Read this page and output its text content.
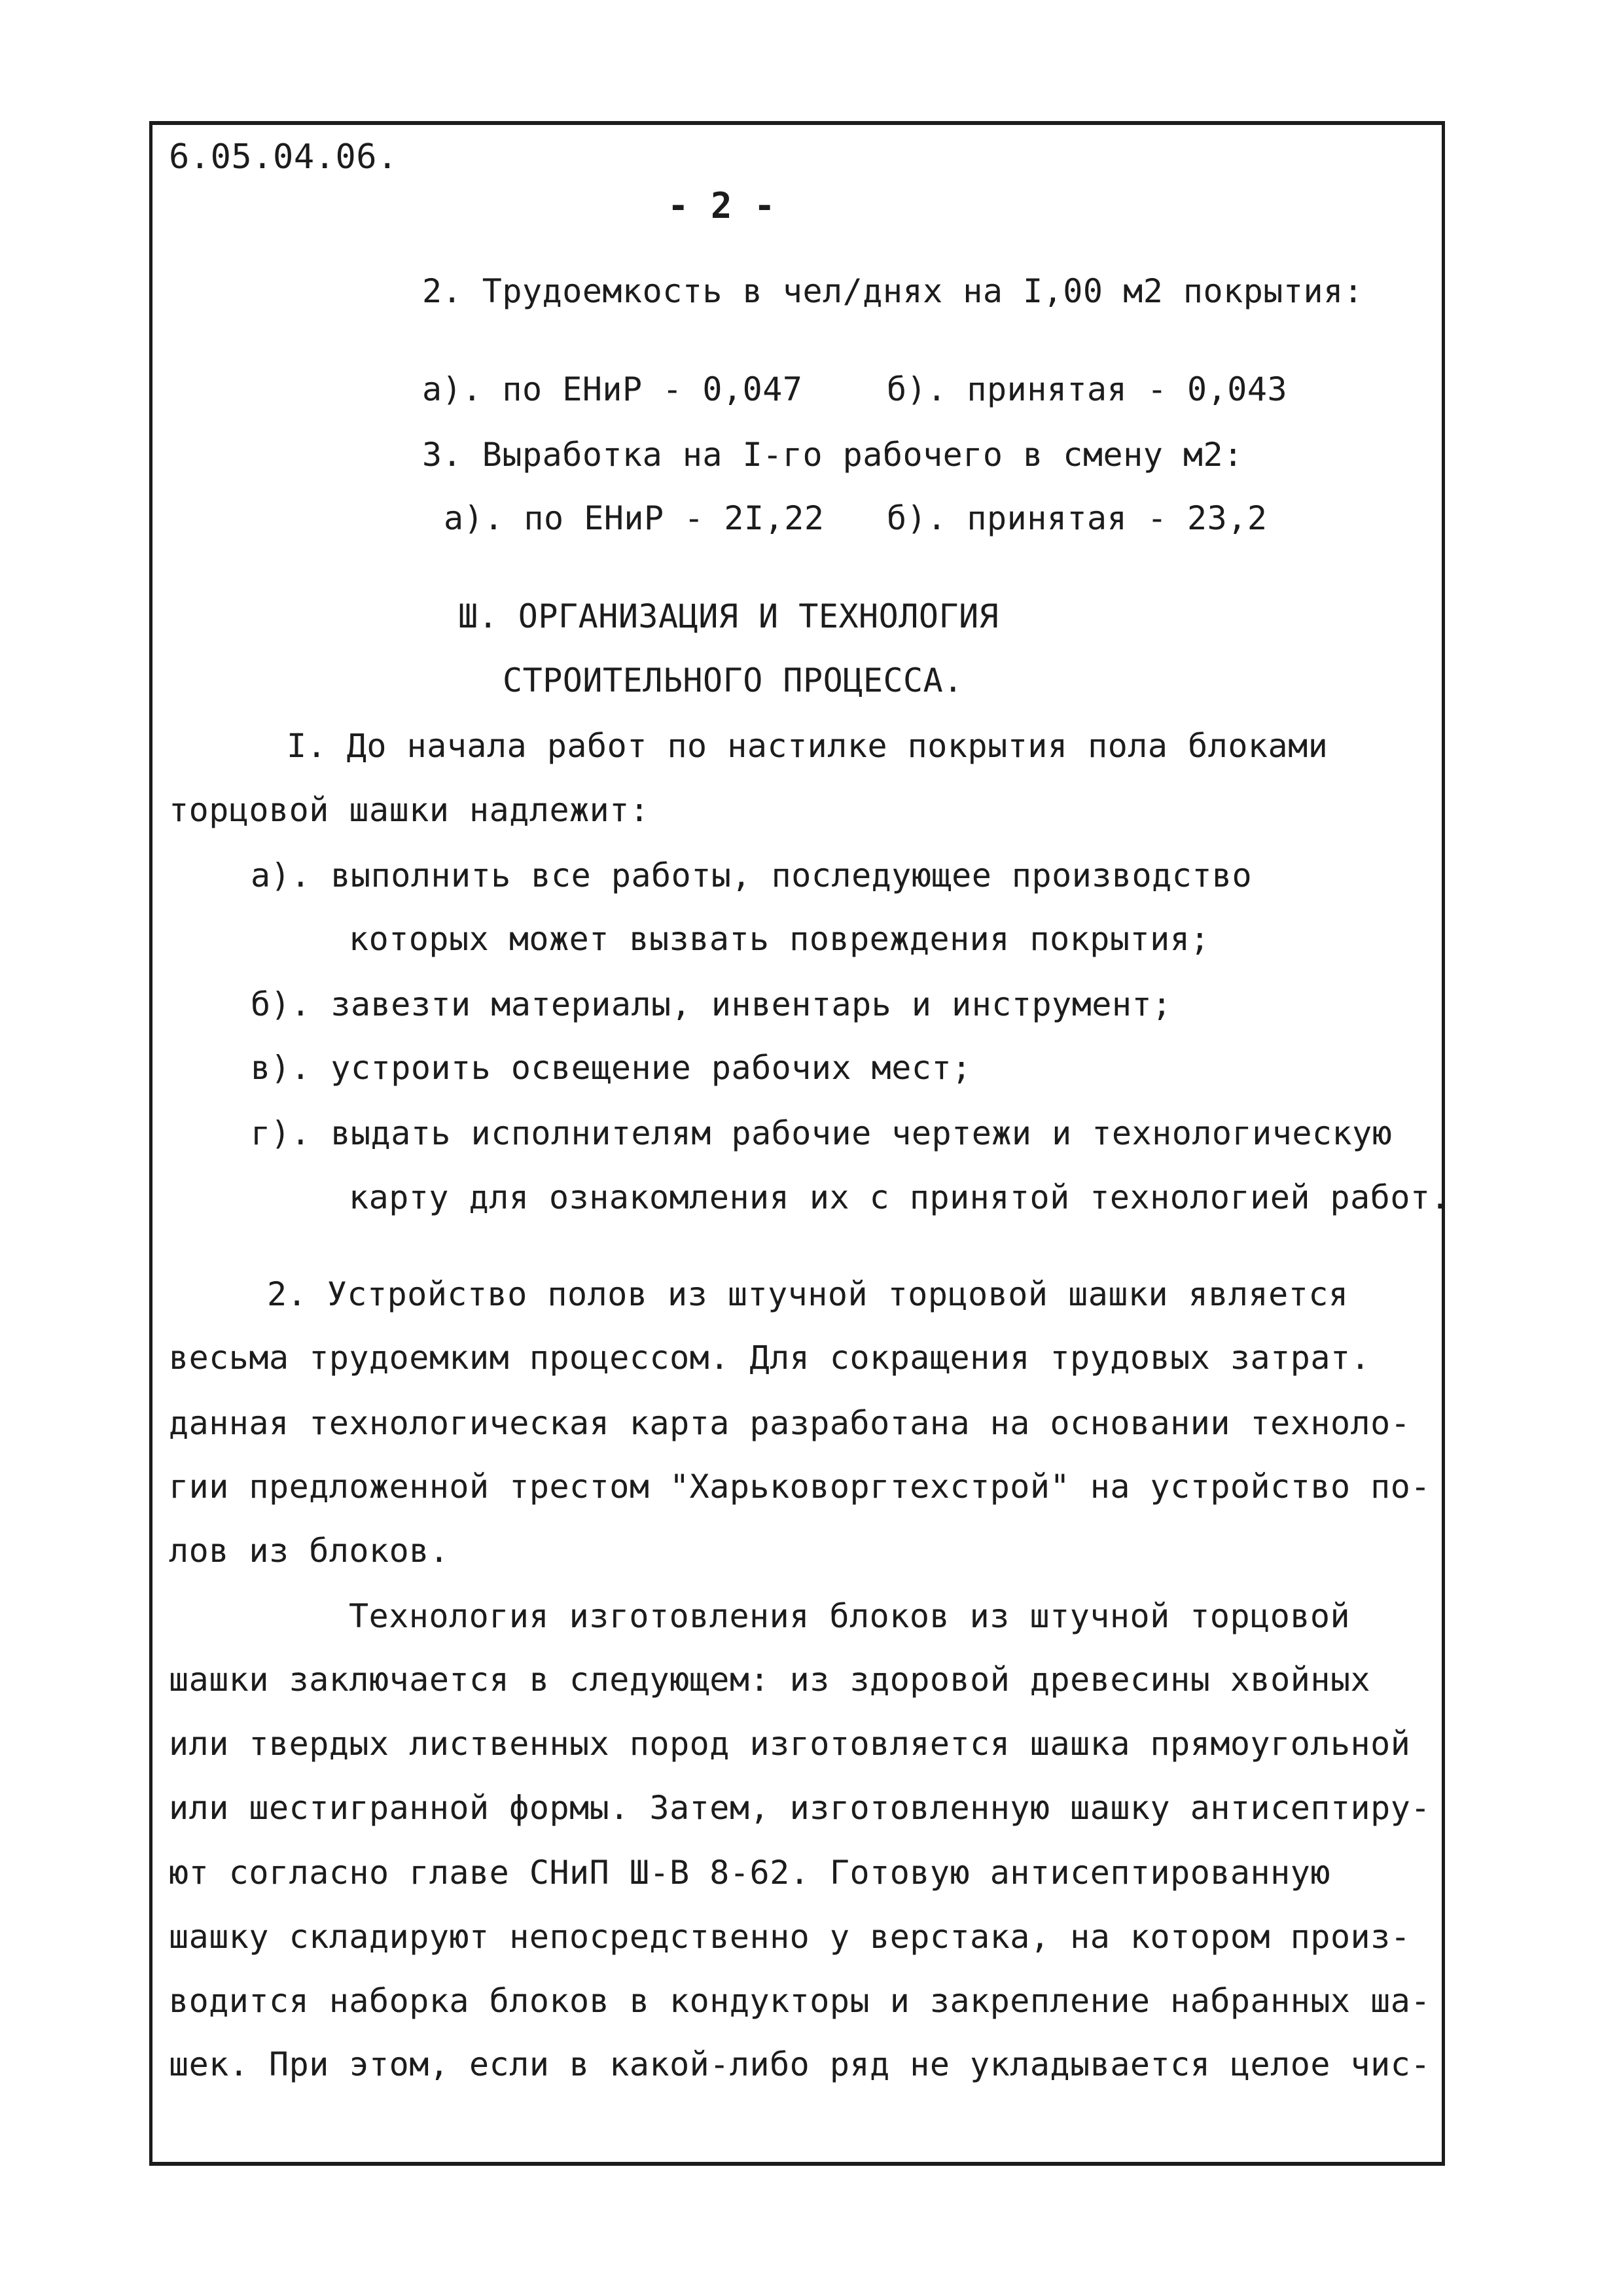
6.05.04.06.
- 2 -
2. Трудоемкость в чел/днях на I,00 м2 покрытия:
а). по ЕНиР - 0,047	б). принятая - 0,043
3. Выработка на I-го рабочего в смену м2:
а). по ЕНиР - 2I,22 б). принятая - 23,2
Ш. ОРГАНИЗАЦИЯ И ТЕХНОЛОГИЯ
СТРОИТЕЛЬНОГО ПРОЦЕССА.
I. До начала работ по настилке покрытия пола блоками
торцовой шашки надлежит:
а). выполнить все работы, последующее производство
которых может вызвать повреждения покрытия;
б). завезти материалы, инвентарь и инструмент;
в). устроить освещение рабочих мест;
г). выдать исполнителям рабочие чертежи и технологическую
карту для ознакомления их с принятой технологией работ.
2. Устройство полов из штучной торцовой шашки является
весьма трудоемким процессом. Для сокращения трудовых затрат.
данная технологическая карта разработана на основании техноло-
гии предложенной трестом "Харьковоргтехстрой" на устройство по-
лов из блоков.
Технология изготовления блоков из штучной торцовой
шашки заключается в следующем: из здоровой древесины хвойных
или твердых лиственных пород изготовляется шашка прямоугольной
или шестигранной формы. Затем, изготовленную шашку антисептиру-
ют согласно главе СНиП Ш-В 8-62. Готовую антисептированную
шашку складируют непосредственно у верстака, на котором произ-
водится наборка блоков в кондукторы и закрепление набранных ша-
шек. При этом, если в какой-либо ряд не укладывается целое чис-
